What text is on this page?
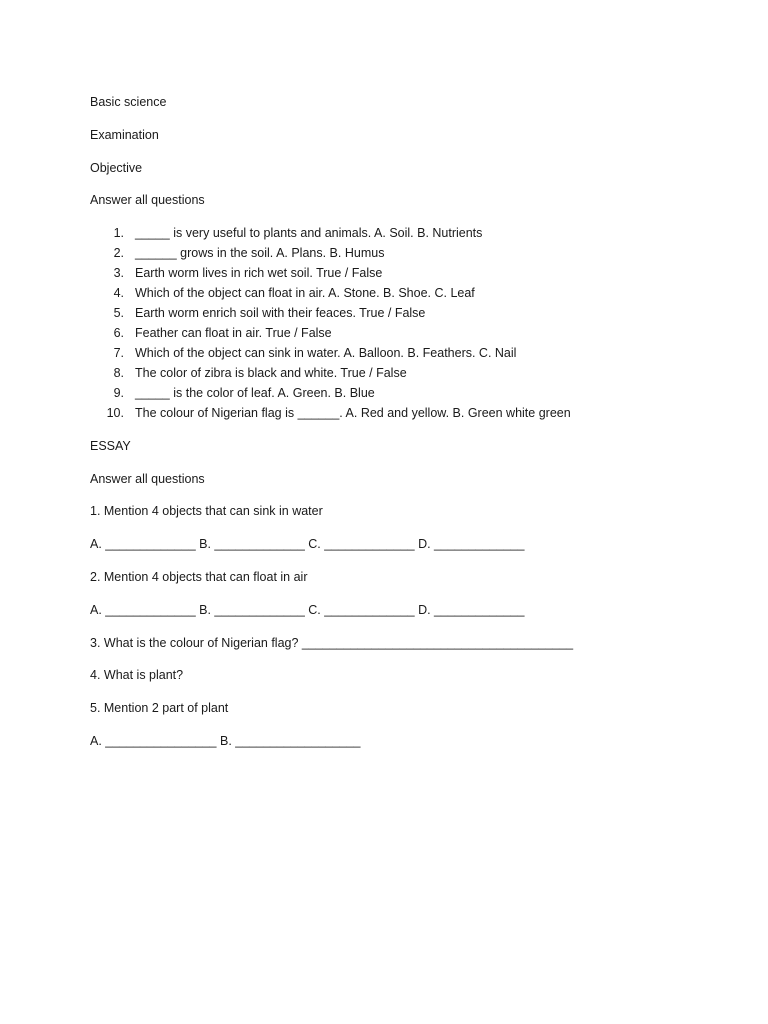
Basic science
Examination
Objective
Answer all questions
1. _____ is very useful to plants and animals. A. Soil. B. Nutrients
2. ______ grows in the soil. A. Plans. B. Humus
3. Earth worm lives in rich wet soil. True / False
4. Which of the object can float in air. A. Stone. B. Shoe. C. Leaf
5. Earth worm enrich soil with their feaces. True / False
6. Feather can float in air. True / False
7. Which of the object can sink in water. A. Balloon. B. Feathers. C. Nail
8. The color of zibra is black and white. True / False
9. _____ is the color of leaf. A. Green. B. Blue
10. The colour of Nigerian flag is ______. A. Red and yellow. B. Green white green
ESSAY
Answer all questions
1. Mention 4 objects that can sink in water
A. _____________ B. _____________ C. _____________ D. _____________
2. Mention 4 objects that can float in air
A. _____________ B. _____________ C. _____________ D. _____________
3. What is the colour of Nigerian flag? _______________________________________
4. What is plant?
5. Mention 2 part of plant
A. ________________ B. __________________
